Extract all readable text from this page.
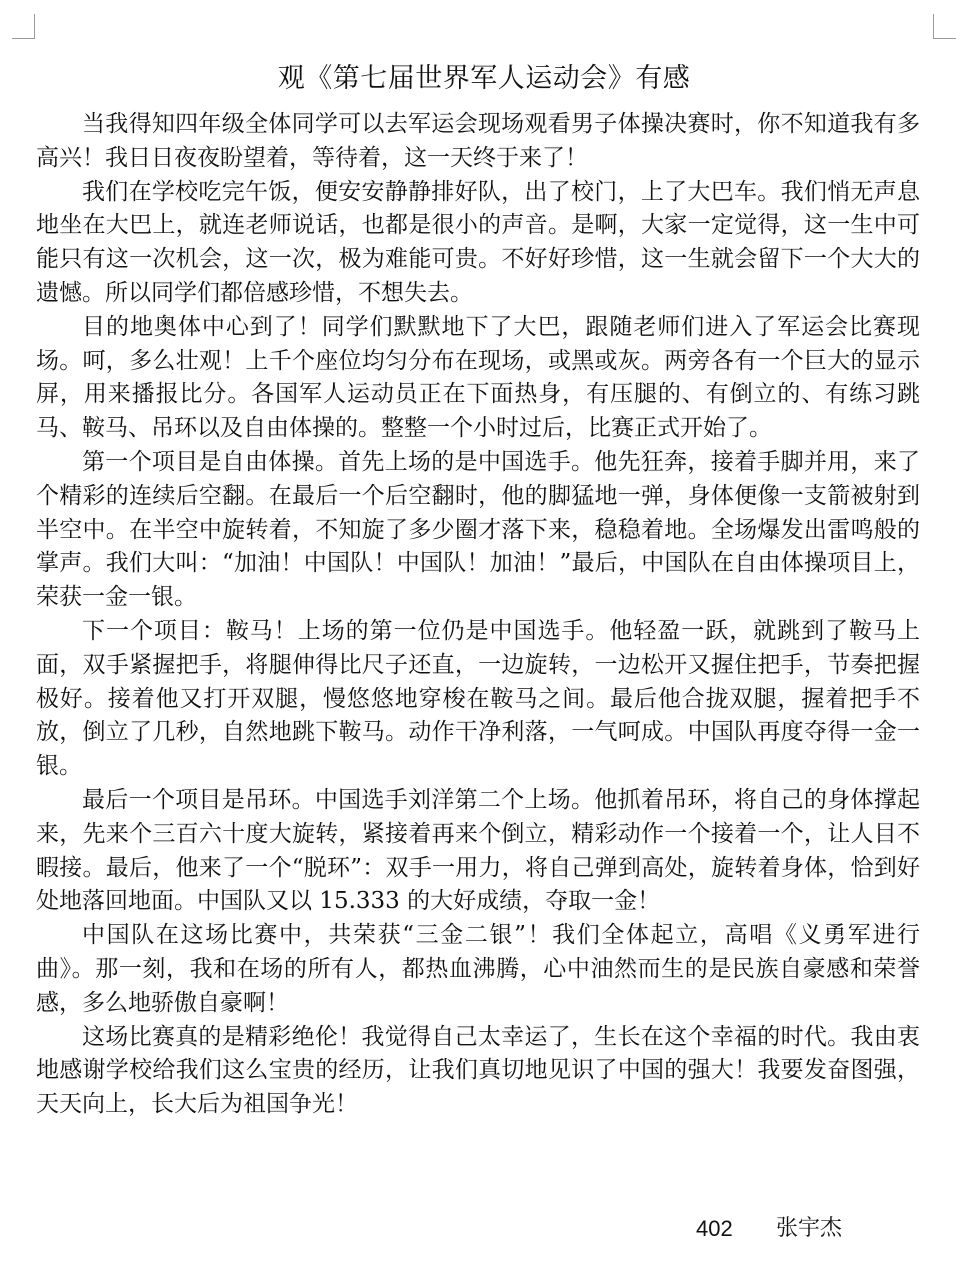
观《第七届世界军人运动会》有感

当我得知四年级全体同学可以去军运会现场观看男子体操决赛时，你不知道我有多高兴！我日日夜夜盼望着，等待着，这一天终于来了！

我们在学校吃完午饭，便安安静静排好队，出了校门，上了大巴车。我们悄无声息地坐在大巴上，就连老师说话，也都是很小的声音。是啊，大家一定觉得，这一生中可能只有这一次机会，这一次，极为难能可贵。不好好珍惜，这一生就会留下一个大大的遗憾。所以同学们都倍感珍惜，不想失去。

目的地奥体中心到了！同学们默默地下了大巴，跟随老师们进入了军运会比赛现场。呵，多么壮观！上千个座位均匀分布在现场，或黑或灰。两旁各有一个巨大的显示屏，用来播报比分。各国军人运动员正在下面热身，有压腿的、有倒立的、有练习跳马、鞍马、吊环以及自由体操的。整整一个小时过后，比赛正式开始了。

第一个项目是自由体操。首先上场的是中国选手。他先狂奔，接着手脚并用，来了个精彩的连续后空翻。在最后一个后空翻时，他的脚猛地一弹，身体便像一支箭被射到半空中。在半空中旋转着，不知旋了多少圈才落下来，稳稳着地。全场爆发出雷鸣般的掌声。我们大叫：“加油！中国队！中国队！加油！”最后，中国队在自由体操项目上，荣获一金一银。

下一个项目：鞍马！上场的第一位仍是中国选手。他轻盈一跃，就跳到了鞍马上面，双手紧握把手，将腿伸得比尺子还直，一边旋转，一边松开又握住把手，节奏把握极好。接着他又打开双腿，慢悠悠地穿梭在鞍马之间。最后他合拢双腿，握着把手不放，倒立了几秒，自然地跳下鞍马。动作干净利落，一气呵成。中国队再度夺得一金一银。

最后一个项目是吊环。中国选手刘洋第二个上场。他抓着吊环，将自己的身体撑起来，先来个三百六十度大旋转，紧接着再来个倒立，精彩动作一个接着一个，让人目不暇接。最后，他来了一个“脱环”：双手一用力，将自己弹到高处，旋转着身体，恰到好处地落回地面。中国队又以 15.333 的大好成绩，夺取一金！

中国队在这场比赛中，共荣获“三金二银”！我们全体起立，高唱《义勇军进行曲》。那一刻，我和在场的所有人，都热血沸腾，心中油然而生的是民族自豪感和荣誉感，多么地骄傲自豪啊！

这场比赛真的是精彩绝伦！我觉得自己太幸运了，生长在这个幸福的时代。我由衷地感谢学校给我们这么宝贵的经历，让我们真切地见识了中国的强大！我要发奋图强，天天向上，长大后为祖国争光！

402 张宇杰
